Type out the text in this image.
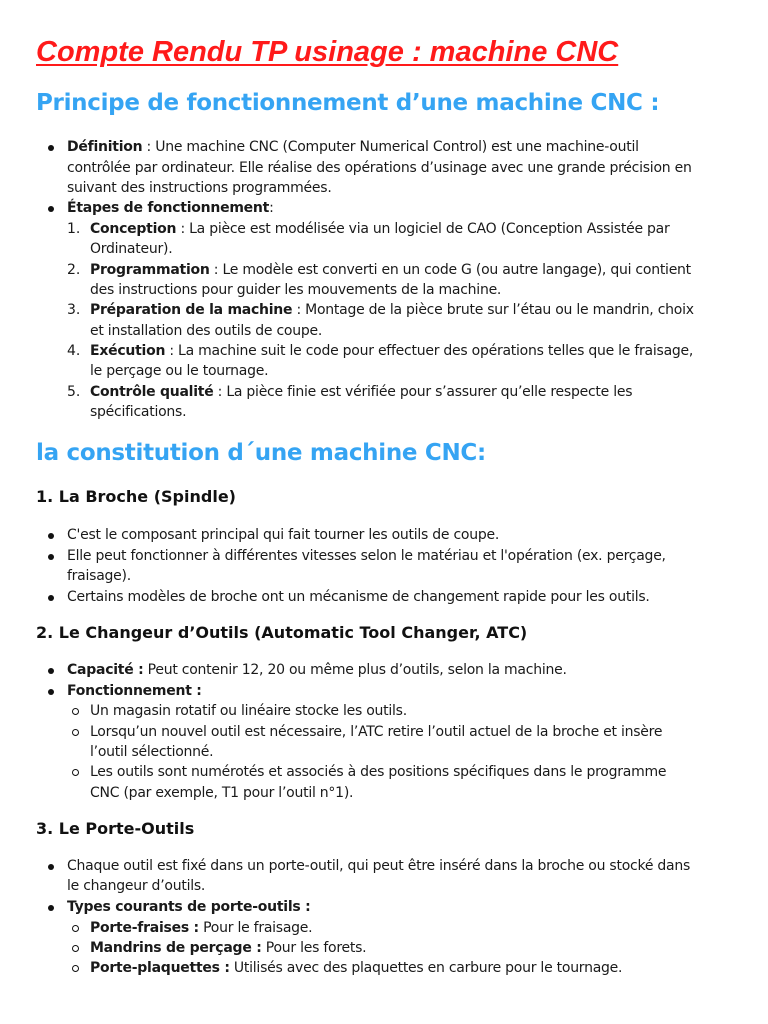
Compte Rendu TP usinage : machine CNC
Principe de fonctionnement d’une machine CNC :
Définition : Une machine CNC (Computer Numerical Control) est une machine-outil
contrôlée par ordinateur. Elle réalise des opérations d’usinage avec une grande précision en
suivant des instructions programmées.
Étapes de fonctionnement:
1. Conception : La pièce est modélisée via un logiciel de CAO (Conception Assistée par
Ordinateur).
2. Programmation : Le modèle est converti en un code G (ou autre langage), qui contient
des instructions pour guider les mouvements de la machine.
3. Préparation de la machine : Montage de la pièce brute sur l’étau ou le mandrin, choix
et installation des outils de coupe.
4. Exécution : La machine suit le code pour effectuer des opérations telles que le fraisage,
le perçage ou le tournage.
5. Contrôle qualité : La pièce finie est vérifiée pour s’assurer qu’elle respecte les
spécifications.
la constitution d´une machine CNC:
1. La Broche (Spindle)
C'est le composant principal qui fait tourner les outils de coupe.
Elle peut fonctionner à différentes vitesses selon le matériau et l'opération (ex. perçage,
fraisage).
Certains modèles de broche ont un mécanisme de changement rapide pour les outils.
2. Le Changeur d’Outils (Automatic Tool Changer, ATC)
Capacité : Peut contenir 12, 20 ou même plus d’outils, selon la machine.
Fonctionnement :
Un magasin rotatif ou linéaire stocke les outils.
Lorsqu’un nouvel outil est nécessaire, l’ATC retire l’outil actuel de la broche et insère
l’outil sélectionné.
Les outils sont numérotés et associés à des positions spécifiques dans le programme
CNC (par exemple, T1 pour l’outil n°1).
3. Le Porte-Outils
Chaque outil est fixé dans un porte-outil, qui peut être inséré dans la broche ou stocké dans
le changeur d’outils.
Types courants de porte-outils :
Porte-fraises : Pour le fraisage.
Mandrins de perçage : Pour les forets.
Porte-plaquettes : Utilisés avec des plaquettes en carbure pour le tournage.
